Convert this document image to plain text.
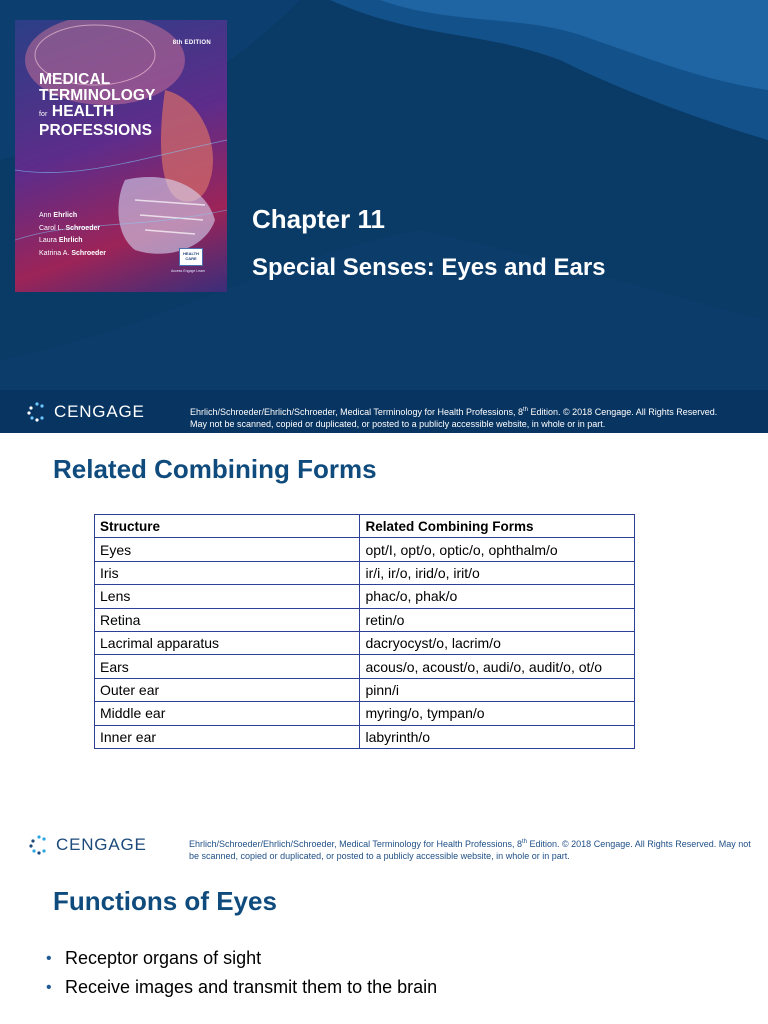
8th EDITION
MEDICAL
TERMINOLOGY
for HEALTH
PROFESSIONS
Ann Ehrlich
Carol L. Schroeder
Laura Ehrlich
Katrina A. Schroeder	HEALTH CARE
Access Engage Learn
Chapter 11
Special Senses: Eyes and Ears
CENGAGE	Ehrlich/Schroeder/Ehrlich/Schroeder, Medical Terminology for Health Professions, 8th Edition. © 2018 Cengage. All Rights Reserved. May not be scanned, copied or duplicated, or posted to a publicly accessible website, in whole or in part.
Related Combining Forms
Structure	Related Combining Forms
Eyes	opt/I, opt/o, optic/o, ophthalm/o
Iris	ir/i, ir/o, irid/o, irit/o
Lens	phac/o, phak/o
Retina	retin/o
Lacrimal apparatus	dacryocyst/o, lacrim/o
Ears	acous/o, acoust/o, audi/o, audit/o, ot/o
Outer ear	pinn/i
Middle ear	myring/o, tympan/o
Inner ear	labyrinth/o
CENGAGE	Ehrlich/Schroeder/Ehrlich/Schroeder, Medical Terminology for Health Professions, 8th Edition. © 2018 Cengage. All Rights Reserved. May not be scanned, copied or duplicated, or posted to a publicly accessible website, in whole or in part.
Functions of Eyes
• Receptor organs of sight
• Receive images and transmit them to the brain
